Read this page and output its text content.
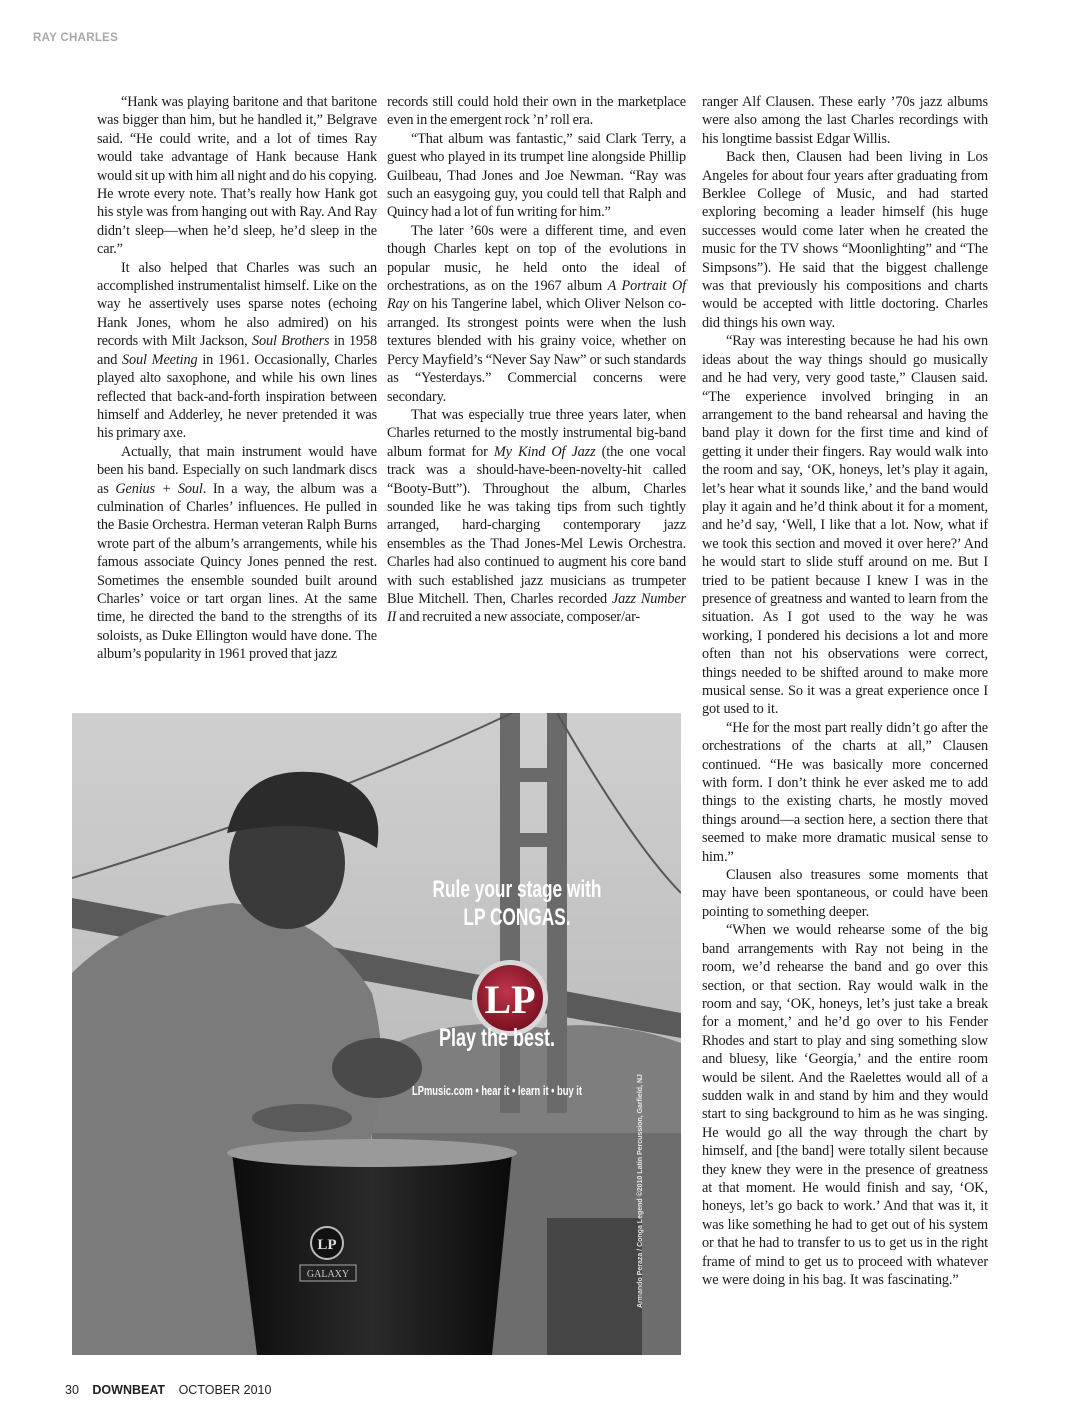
RAY CHARLES

“Hank was playing baritone and that baritone was bigger than him, but he handled it,” Belgrave said. “He could write, and a lot of times Ray would take advantage of Hank because Hank would sit up with him all night and do his copying. He wrote every note. That’s really how Hank got his style was from hanging out with Ray. And Ray didn’t sleep—when he’d sleep, he’d sleep in the car.”

It also helped that Charles was such an accomplished instrumentalist himself. Like on the way he assertively uses sparse notes (echoing Hank Jones, whom he also admired) on his records with Milt Jackson, Soul Brothers in 1958 and Soul Meeting in 1961. Occasionally, Charles played alto saxophone, and while his own lines reflected that back-and-forth inspiration between himself and Adderley, he never pretended it was his primary axe.

Actually, that main instrument would have been his band. Especially on such landmark discs as Genius + Soul. In a way, the album was a culmination of Charles’ influences. He pulled in the Basie Orchestra. Herman veteran Ralph Burns wrote part of the album’s arrangements, while his famous associate Quincy Jones penned the rest. Sometimes the ensemble sounded built around Charles’ voice or tart organ lines. At the same time, he directed the band to the strengths of its soloists, as Duke Ellington would have done. The album’s popularity in 1961 proved that jazz

records still could hold their own in the marketplace even in the emergent rock ’n’ roll era.

“That album was fantastic,” said Clark Terry, a guest who played in its trumpet line alongside Phillip Guilbeau, Thad Jones and Joe Newman. “Ray was such an easygoing guy, you could tell that Ralph and Quincy had a lot of fun writing for him.”

The later ’60s were a different time, and even though Charles kept on top of the evolutions in popular music, he held onto the ideal of orchestrations, as on the 1967 album A Portrait Of Ray on his Tangerine label, which Oliver Nelson co-arranged. Its strongest points were when the lush textures blended with his grainy voice, whether on Percy Mayfield’s “Never Say Naw” or such standards as “Yesterdays.” Commercial concerns were secondary.

That was especially true three years later, when Charles returned to the mostly instrumental big-band album format for My Kind Of Jazz (the one vocal track was a should-have-been-novelty-hit called “Booty-Butt”). Throughout the album, Charles sounded like he was taking tips from such tightly arranged, hard-charging contemporary jazz ensembles as the Thad Jones-Mel Lewis Orchestra. Charles had also continued to augment his core band with such established jazz musicians as trumpeter Blue Mitchell. Then, Charles recorded Jazz Number II and recruited a new associate, composer/ar-

ranger Alf Clausen. These early ’70s jazz albums were also among the last Charles recordings with his longtime bassist Edgar Willis.

Back then, Clausen had been living in Los Angeles for about four years after graduating from Berklee College of Music, and had started exploring becoming a leader himself (his huge successes would come later when he created the music for the TV shows “Moonlighting” and “The Simpsons”). He said that the biggest challenge was that previously his compositions and charts would be accepted with little doctoring. Charles did things his own way.

“Ray was interesting because he had his own ideas about the way things should go musically and he had very, very good taste,” Clausen said. “The experience involved bringing in an arrangement to the band rehearsal and having the band play it down for the first time and kind of getting it under their fingers. Ray would walk into the room and say, ‘OK, honeys, let’s play it again, let’s hear what it sounds like,’ and the band would play it again and he’d think about it for a moment, and he’d say, ‘Well, I like that a lot. Now, what if we took this section and moved it over here?’ And he would start to slide stuff around on me. But I tried to be patient because I knew I was in the presence of greatness and wanted to learn from the situation. As I got used to the way he was working, I pondered his decisions a lot and more often than not his observations were correct, things needed to be shifted around to make more musical sense. So it was a great experience once I got used to it.

“He for the most part really didn’t go after the orchestrations of the charts at all,” Clausen continued. “He was basically more concerned with form. I don’t think he ever asked me to add things to the existing charts, he mostly moved things around—a section here, a section there that seemed to make more dramatic musical sense to him.”

Clausen also treasures some moments that may have been spontaneous, or could have been pointing to something deeper.

“When we would rehearse some of the big band arrangements with Ray not being in the room, we’d rehearse the band and go over this section, or that section. Ray would walk in the room and say, ‘OK, honeys, let’s just take a break for a moment,’ and he’d go over to his Fender Rhodes and start to play and sing something slow and bluesy, like ‘Georgia,’ and the entire room would be silent. And the Raelettes would all of a sudden walk in and stand by him and they would start to sing background to him as he was singing. He would go all the way through the chart by himself, and [the band] were totally silent because they knew they were in the presence of greatness at that moment. He would finish and say, ‘OK, honeys, let’s go back to work.’ And that was it, it was like something he had to get out of his system or that he had to transfer to us to get us in the right frame of mind to get us to proceed with whatever we were doing in his bag. It was fascinating.”

LP
GALAXY
LP
Rule your stage with
LP CONGAS.
Play the best.
LPmusic.com • hear it • learn it • buy it	Armando Peraza / Conga Legend ©2010 Latin Percussion, Garfield, NJ
30 DOWNBEAT OCTOBER 2010
